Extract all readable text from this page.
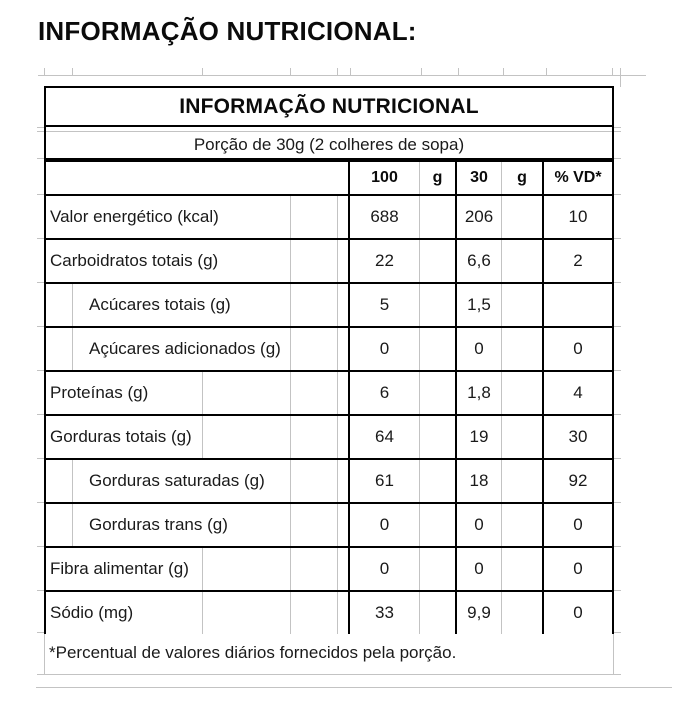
INFORMAÇÃO NUTRICIONAL:
INFORMAÇÃO NUTRICIONAL
Porção de 30g (2 colheres de sopa)
100	g	30	g	% VD*
Valor energético (kcal)	688	206	10
Carboidratos totais (g)	22	6,6	2
Acúcares totais (g)	5	1,5
Açúcares adicionados (g)	0	0	0
Proteínas (g)	6	1,8	4
Gorduras totais (g)	64	19	30
Gorduras saturadas (g)	61	18	92
Gorduras trans (g)	0	0	0
Fibra alimentar (g)	0	0	0
Sódio (mg)	33	9,9	0
*Percentual de valores diários fornecidos pela porção.
